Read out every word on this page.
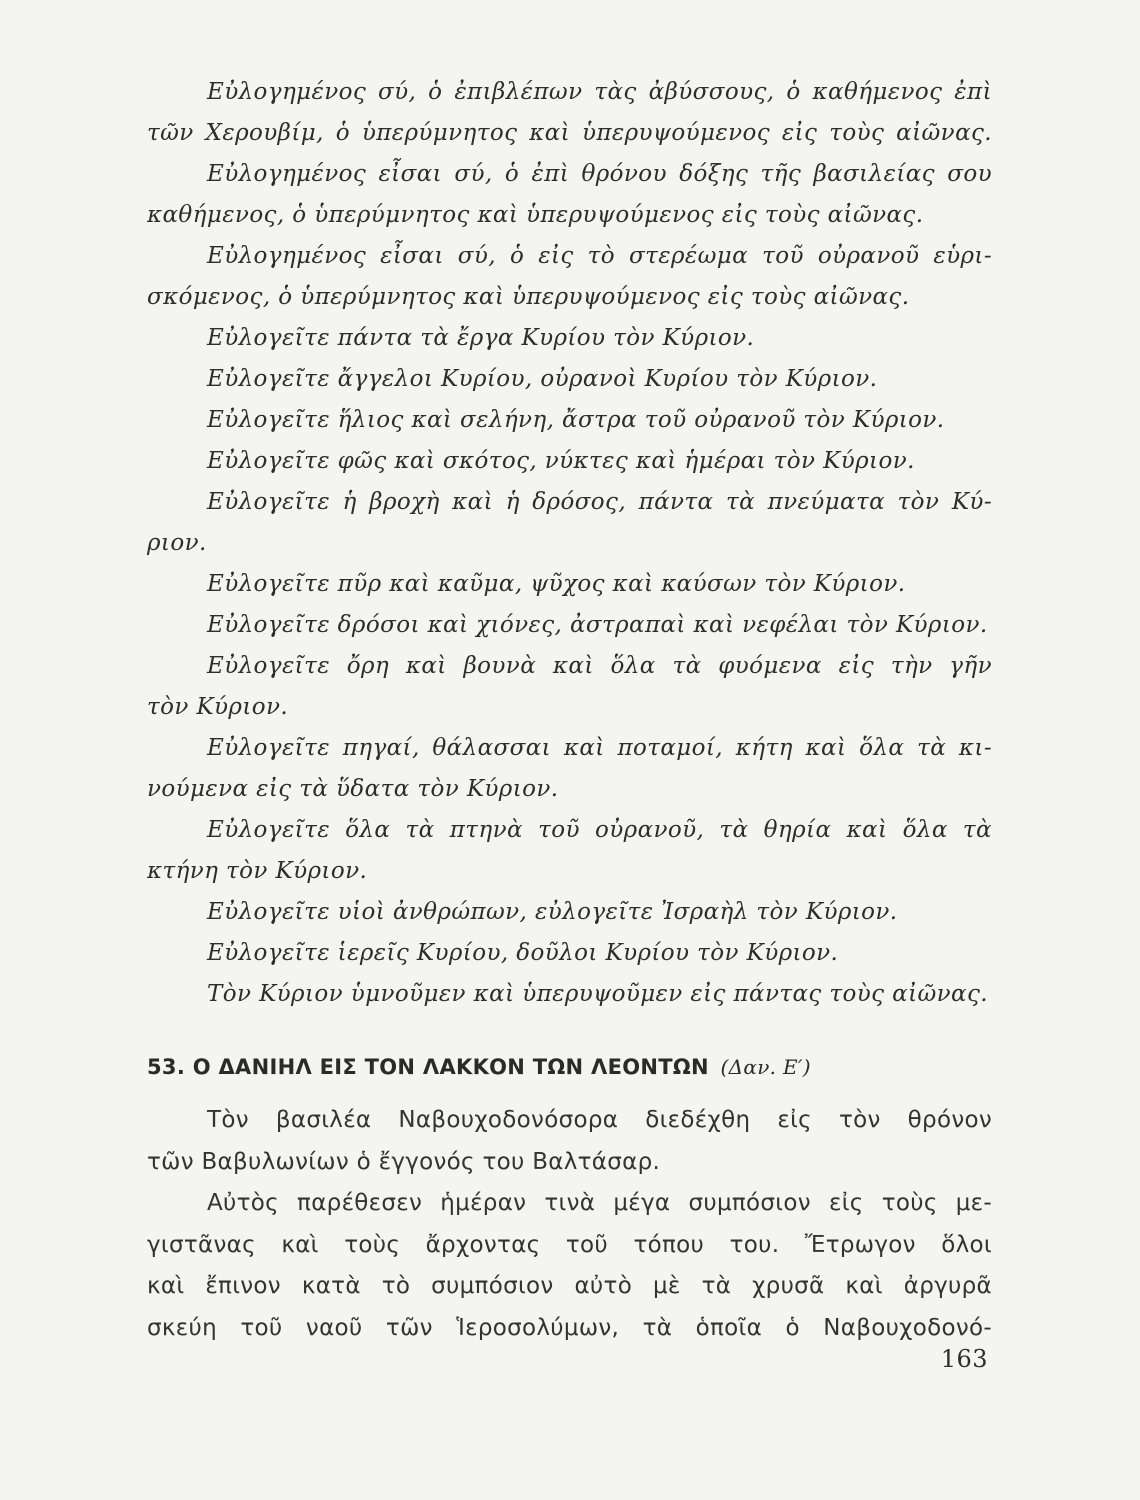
Εὐλογημένος σύ, ὁ ἐπιβλέπων τὰς ἀβύσσους, ὁ καθήμενος ἐπὶ
τῶν Χερουβίμ, ὁ ὑπερύμνητος καὶ ὑπερυψούμενος εἰς τοὺς αἰῶνας.
Εὐλογημένος εἶσαι σύ, ὁ ἐπὶ θρόνου δόξης τῆς βασιλείας σου
καθήμενος, ὁ ὑπερύμνητος καὶ ὑπερυψούμενος εἰς τοὺς αἰῶνας.
Εὐλογημένος εἶσαι σύ, ὁ εἰς τὸ στερέωμα τοῦ οὐρανοῦ εὑρι-
σκόμενος, ὁ ὑπερύμνητος καὶ ὑπερυψούμενος εἰς τοὺς αἰῶνας.
Εὐλογεῖτε πάντα τὰ ἔργα Κυρίου τὸν Κύριον.
Εὐλογεῖτε ἄγγελοι Κυρίου, οὐρανοὶ Κυρίου τὸν Κύριον.
Εὐλογεῖτε ἥλιος καὶ σελήνη, ἄστρα τοῦ οὐρανοῦ τὸν Κύριον.
Εὐλογεῖτε φῶς καὶ σκότος, νύκτες καὶ ἡμέραι τὸν Κύριον.
Εὐλογεῖτε ἡ βροχὴ καὶ ἡ δρόσος, πάντα τὰ πνεύματα τὸν Κύ-
ριον.
Εὐλογεῖτε πῦρ καὶ καῦμα, ψῦχος καὶ καύσων τὸν Κύριον.
Εὐλογεῖτε δρόσοι καὶ χιόνες, ἀστραπαὶ καὶ νεφέλαι τὸν Κύριον.
Εὐλογεῖτε ὄρη καὶ βουνὰ καὶ ὅλα τὰ φυόμενα εἰς τὴν γῆν
τὸν Κύριον.
Εὐλογεῖτε πηγαί, θάλασσαι καὶ ποταμοί, κήτη καὶ ὅλα τὰ κι-
νούμενα εἰς τὰ ὕδατα τὸν Κύριον.
Εὐλογεῖτε ὅλα τὰ πτηνὰ τοῦ οὐρανοῦ, τὰ θηρία καὶ ὅλα τὰ
κτήνη τὸν Κύριον.
Εὐλογεῖτε υἱοὶ ἀνθρώπων, εὐλογεῖτε Ἰσραὴλ τὸν Κύριον.
Εὐλογεῖτε ἱερεῖς Κυρίου, δοῦλοι Κυρίου τὸν Κύριον.
Τὸν Κύριον ὑμνοῦμεν καὶ ὑπερυψοῦμεν εἰς πάντας τοὺς αἰῶνας.
53. Ο ΔΑΝΙΗΛ ΕΙΣ ΤΟΝ ΛΑΚΚΟΝ ΤΩΝ ΛΕΟΝΤΩΝ (Δαν. Ε′)
Τὸν βασιλέα Ναβουχοδονόσορα διεδέχθη εἰς τὸν θρόνον
τῶν Βαβυλωνίων ὁ ἔγγονός του Βαλτάσαρ.
Αὐτὸς παρέθεσεν ἡμέραν τινὰ μέγα συμπόσιον εἰς τοὺς με-
γιστᾶνας καὶ τοὺς ἄρχοντας τοῦ τόπου του. Ἔτρωγον ὅλοι
καὶ ἔπινον κατὰ τὸ συμπόσιον αὐτὸ μὲ τὰ χρυσᾶ καὶ ἀργυρᾶ
σκεύη τοῦ ναοῦ τῶν Ἱεροσολύμων, τὰ ὁποῖα ὁ Ναβουχοδονό-
163
